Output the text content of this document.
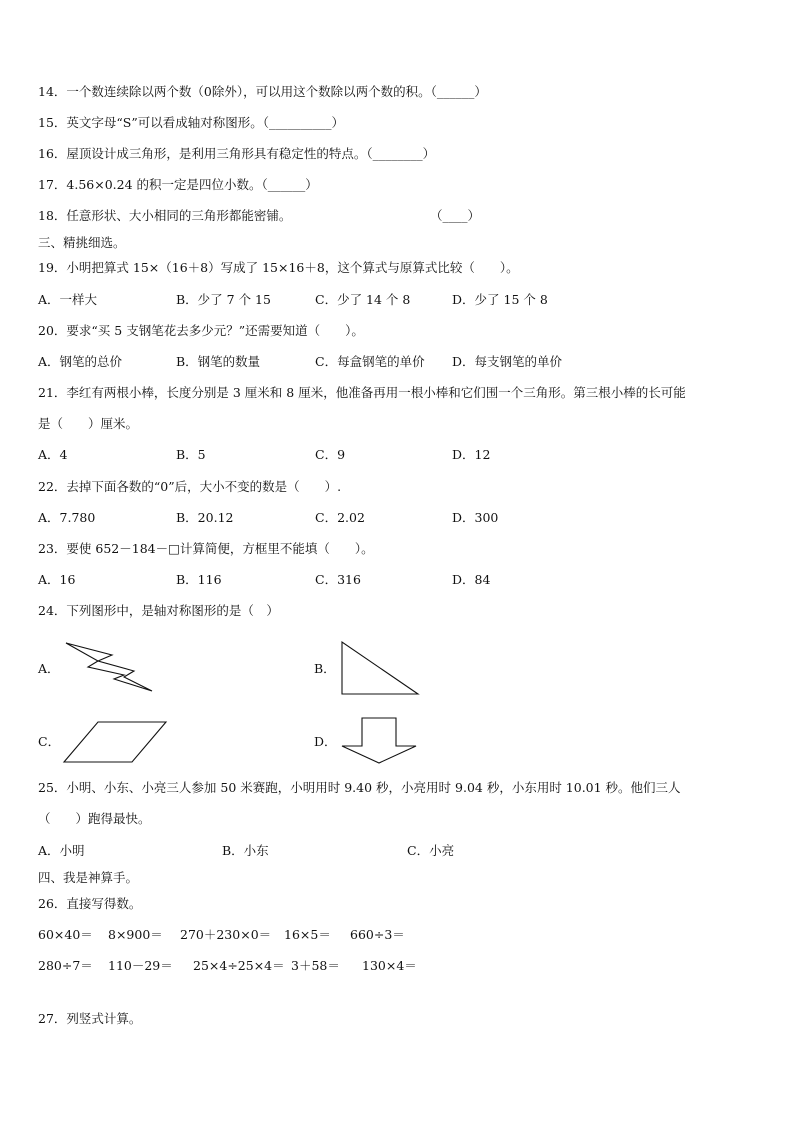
14．一个数连续除以两个数（0除外），可以用这个数除以两个数的积。（______）
15．英文字母“S”可以看成轴对称图形。（__________）
16．屋顶设计成三角形，是利用三角形具有稳定性的特点。（________）
17．4.56×0.24 的积一定是四位小数。（______）
18．任意形状、大小相同的三角形都能密铺。	（____）
三、精挑细选。
19．小明把算式 15×（16＋8）写成了 15×16＋8，这个算式与原算式比较（　　）。
A．一样大	B．少了 7 个 15	C．少了 14 个 8	D．少了 15 个 8
20．要求“买 5 支钢笔花去多少元？”还需要知道（　　）。
A．钢笔的总价	B．钢笔的数量	C．每盒钢笔的单价 D．每支钢笔的单价
21．李红有两根小棒，长度分别是 3 厘米和 8 厘米，他准备再用一根小棒和它们围一个三角形。第三根小棒的长可能
是（　　）厘米。
A．4	B．5	C．9	D．12
22．去掉下面各数的“0”后，大小不变的数是（　　）.
A．7.780	B．20.12	C．2.02	D．300
23．要使 652－184－□计算简便，方框里不能填（　　）。
A．16	B．116	C．316	D．84
24．下列图形中，是轴对称图形的是（　）
A．	B．
C．	D．
25．小明、小东、小亮三人参加 50 米赛跑，小明用时 9.40 秒，小亮用时 9.04 秒，小东用时 10.01 秒。他们三人
（　　）跑得最快。
A．小明	B．小东	C．小亮
四、我是神算手。
26．直接写得数。
60×40＝ 8×900＝ 270＋230×0＝ 16×5＝ 660÷3＝
280÷7＝ 110－29＝ 25×4÷25×4＝ 3＋58＝ 130×4＝
27．列竖式计算。
